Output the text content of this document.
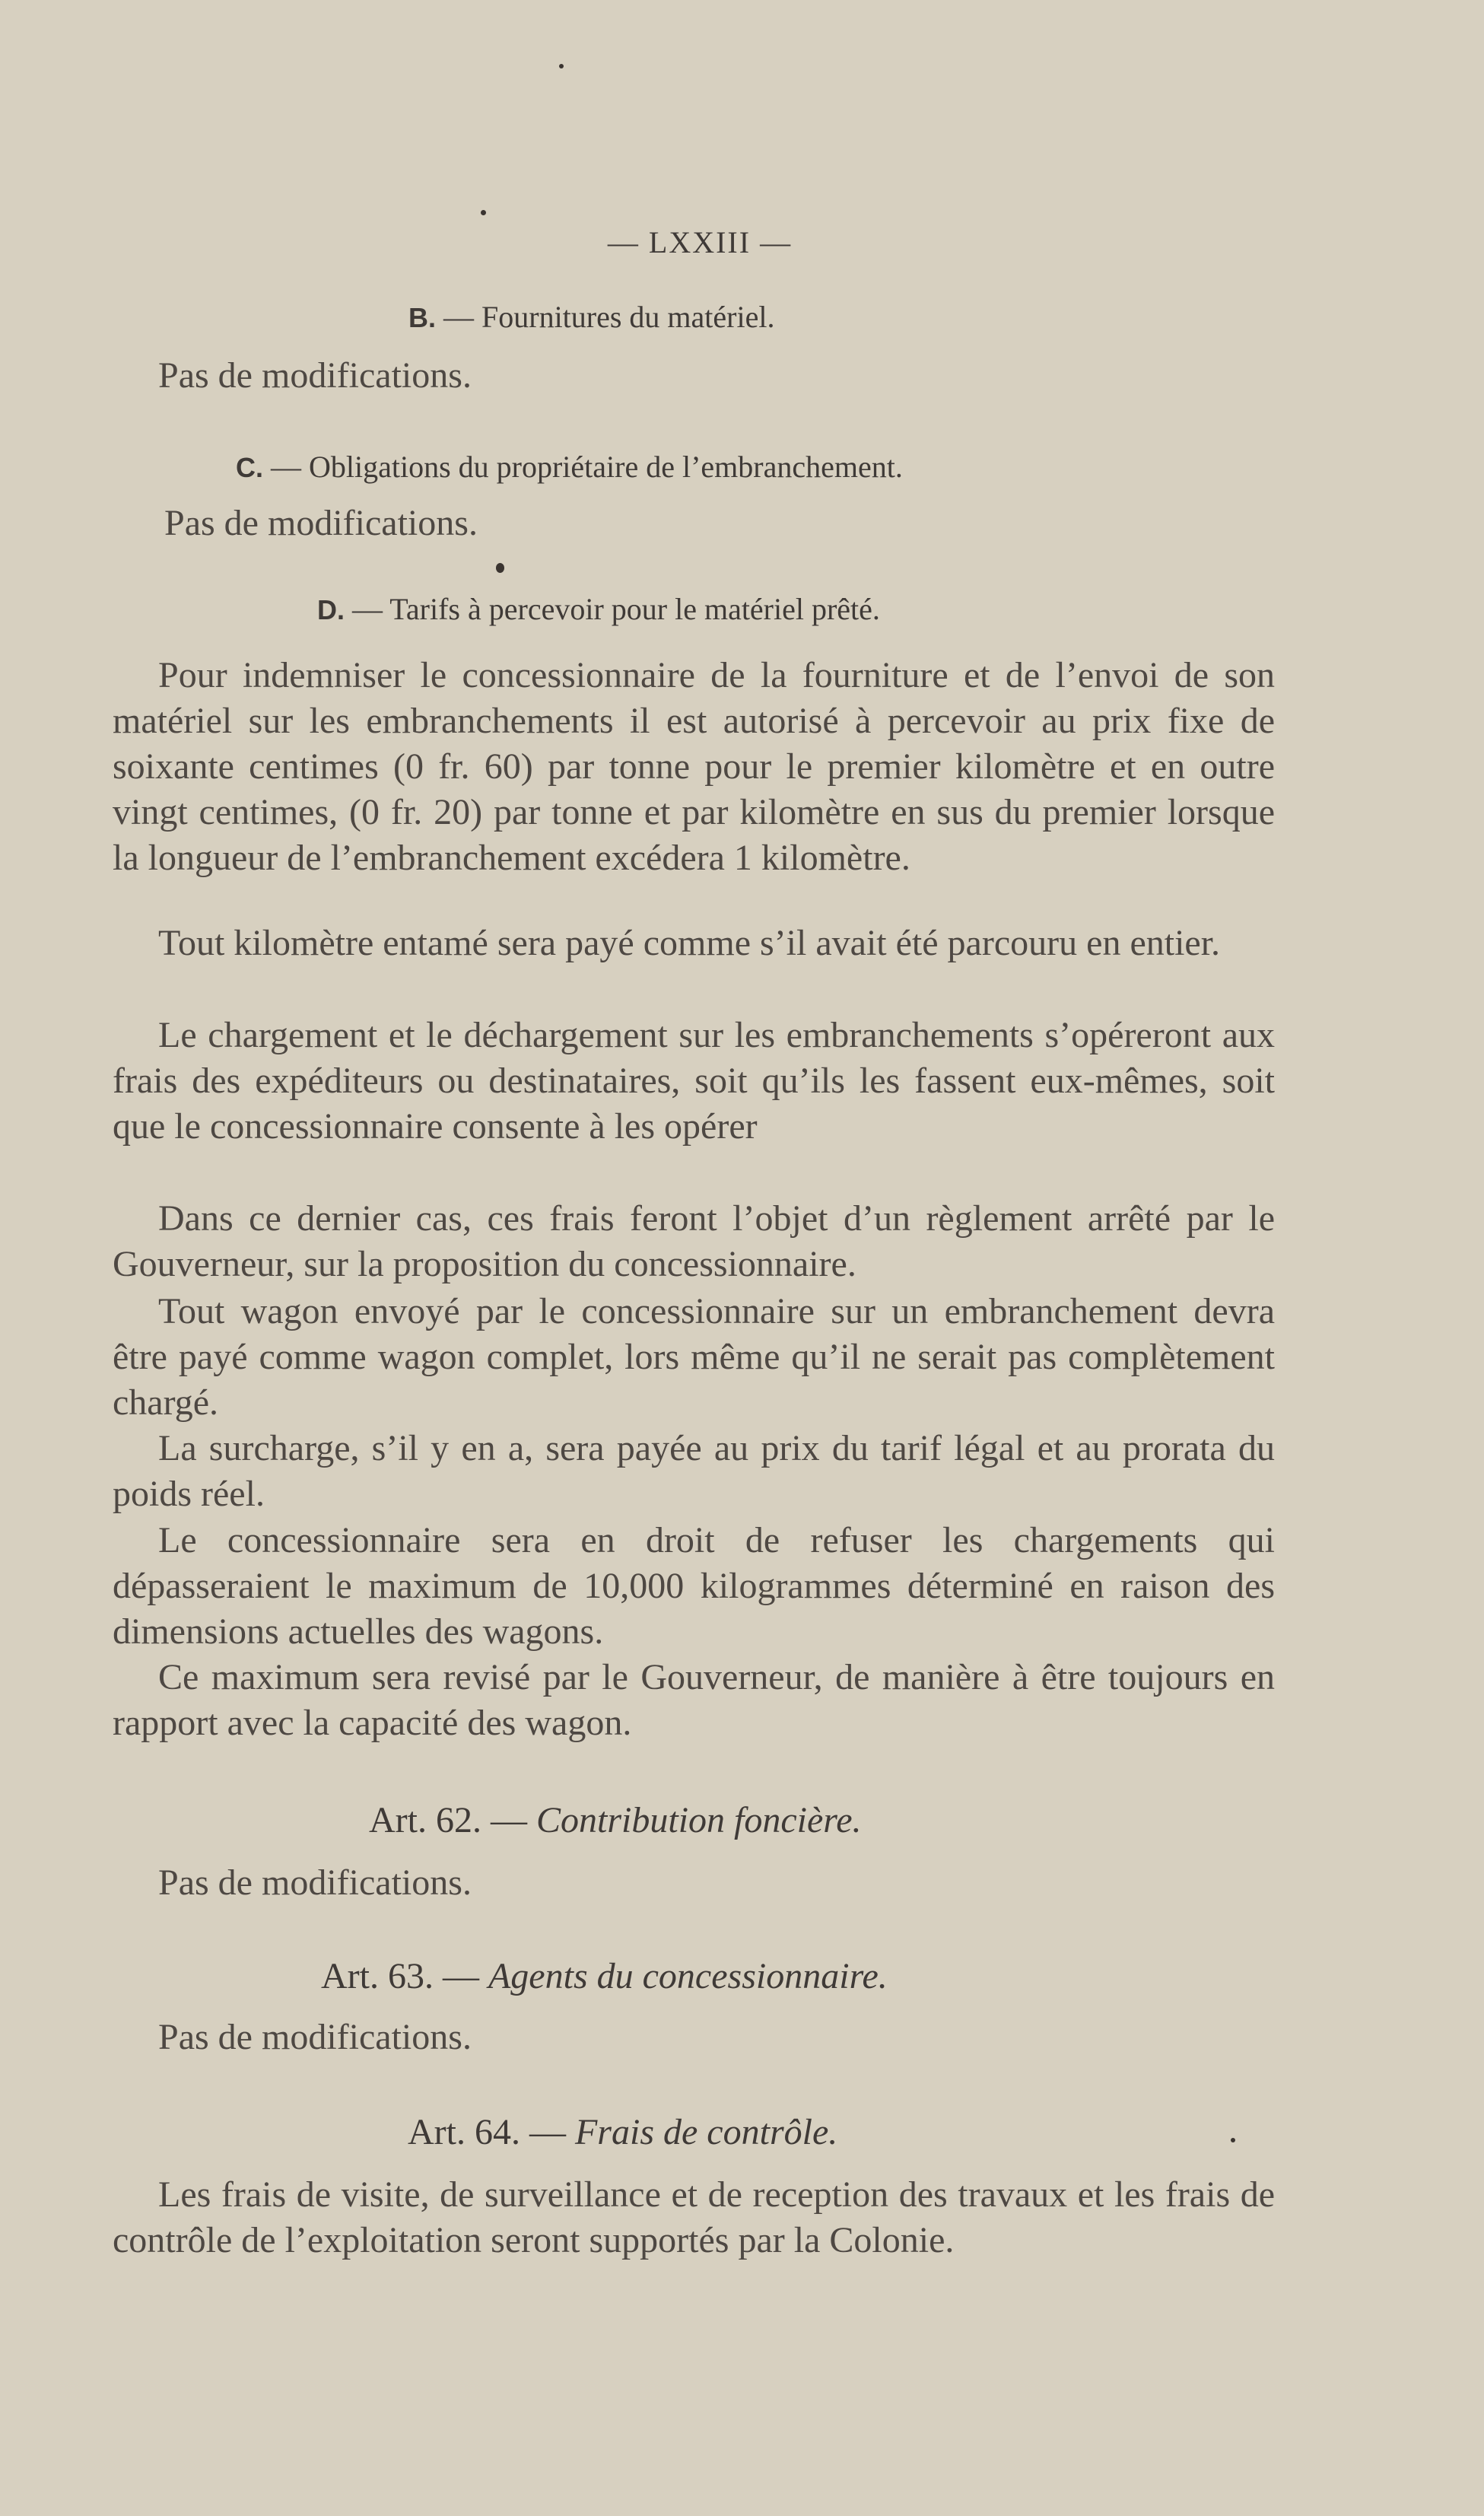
— LXXIII —
B. — Fournitures du matériel.
Pas de modifications.
C. — Obligations du propriétaire de l’embranchement.
Pas de modifications.
D. — Tarifs à percevoir pour le matériel prêté.
Pour indemniser le concessionnaire de la fourniture et de l’envoi de son matériel sur les embranchements il est autorisé à percevoir au prix fixe de soixante centimes (0 fr. 60) par tonne pour le premier kilomètre et en outre vingt centimes, (0 fr. 20) par tonne et par kilomètre en sus du premier lorsque la longueur de l’embranchement excédera 1 kilomètre.
Tout kilomètre entamé sera payé comme s’il avait été parcouru en entier.
Le chargement et le déchargement sur les embranchements s’opéreront aux frais des expéditeurs ou destinataires, soit qu’ils les fassent eux-mêmes, soit que le concessionnaire consente à les opérer
Dans ce dernier cas, ces frais feront l’objet d’un règlement arrêté par le Gouverneur, sur la proposition du concessionnaire.
Tout wagon envoyé par le concessionnaire sur un embranchement devra être payé comme wagon complet, lors même qu’il ne serait pas complètement chargé.
La surcharge, s’il y en a, sera payée au prix du tarif légal et au prorata du poids réel.
Le concessionnaire sera en droit de refuser les chargements qui dépasseraient le maximum de 10,000 kilogrammes déterminé en raison des dimensions actuelles des wagons.
Ce maximum sera revisé par le Gouverneur, de manière à être toujours en rapport avec la capacité des wagon.
Art. 62. — Contribution foncière.
Pas de modifications.
Art. 63. — Agents du concessionnaire.
Pas de modifications.
Art. 64. — Frais de contrôle.
Les frais de visite, de surveillance et de reception des travaux et les frais de contrôle de l’exploitation seront supportés par la Colonie.
